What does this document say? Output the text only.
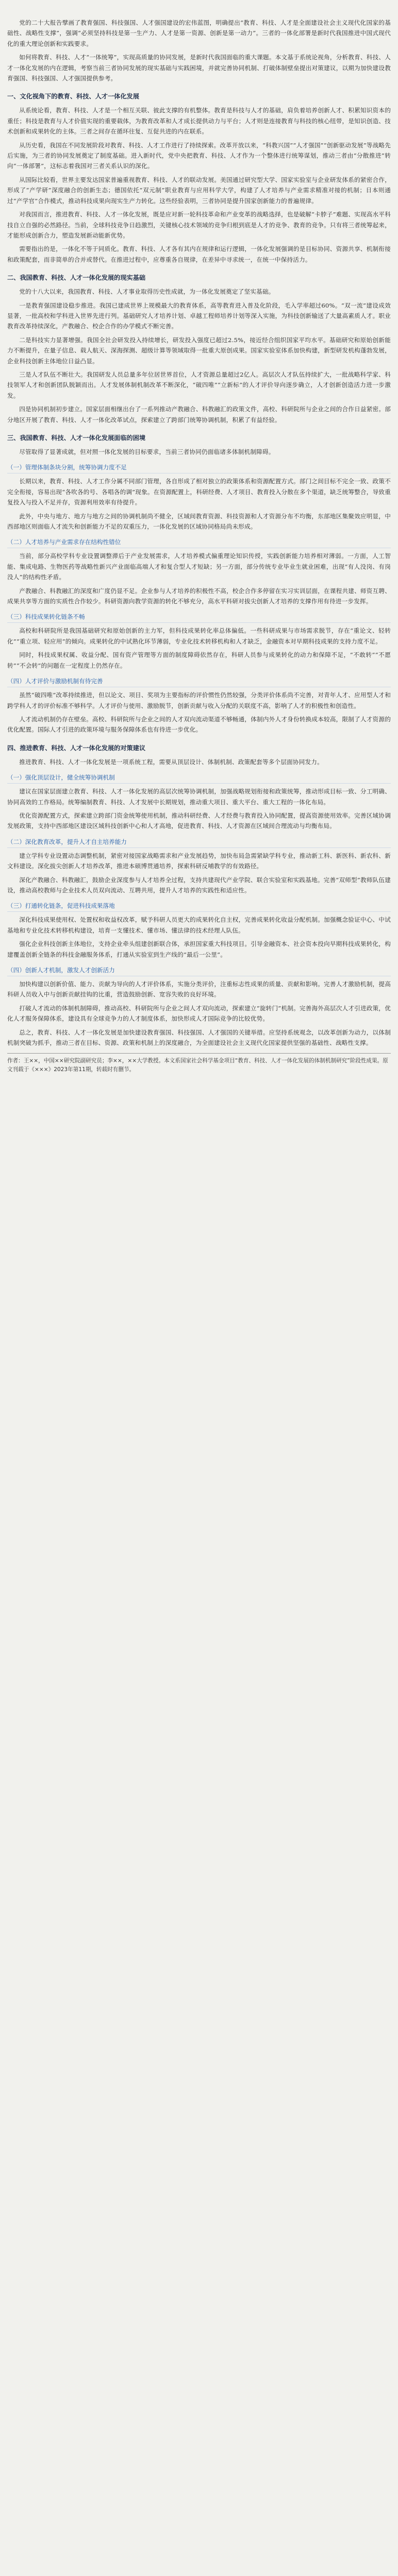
党的二十大报告擘画了教育强国、科技强国、人才强国建设的宏伟蓝图，明确提出“教育、科技、人才是全面建设社会主义现代化国家的基础性、战略性支撑”，强调“必须坚持科技是第一生产力、人才是第一资源、创新是第一动力”。三者的一体化部署是新时代我国推进中国式现代化的重大理论创新和实践要求。

如何将教育、科技、人才“一体统筹”，实现高质量的协同发展，是新时代我国面临的重大课题。本文基于系统论视角，分析教育、科技、人才一体化发展的内在逻辑，考察当前三者协同发展的现实基础与实践困境，并就完善协同机制、打破体制壁垒提出对策建议，以期为加快建设教育强国、科技强国、人才强国提供参考。

一、文化视角下的教育、科技、人才一体化发展

从系统论看，教育、科技、人才是一个相互关联、彼此支撑的有机整体。教育是科技与人才的基础，肩负着培养创新人才、积累知识资本的重任；科技是教育与人才价值实现的重要载体，为教育改革和人才成长提供动力与平台；人才则是连接教育与科技的核心纽带，是知识创造、技术创新和成果转化的主体。三者之间存在循环往复、互促共进的内在联系。

从历史看，我国在不同发展阶段对教育、科技、人才工作进行了持续探索。改革开放以来，“科教兴国”“人才强国”“创新驱动发展”等战略先后实施，为三者的协同发展奠定了制度基础。进入新时代，党中央把教育、科技、人才作为一个整体进行统筹谋划，推动三者由“分散推进”转向“一体部署”，这标志着我国对三者关系认识的深化。

从国际比较看，世界主要发达国家普遍重视教育、科技、人才的联动发展。美国通过研究型大学、国家实验室与企业研发体系的紧密合作，形成了“产学研”深度融合的创新生态；德国依托“双元制”职业教育与应用科学大学，构建了人才培养与产业需求精准对接的机制；日本则通过“产学官”合作模式，推动科技成果向现实生产力转化。这些经验表明，三者协同是提升国家创新能力的普遍规律。

对我国而言，推进教育、科技、人才一体化发展，既是应对新一轮科技革命和产业变革的战略选择，也是破解“卡脖子”难题、实现高水平科技自立自强的必然路径。当前，全球科技竞争日趋激烈，关键核心技术领域的竞争归根到底是人才的竞争、教育的竞争。只有将三者统筹起来，才能形成创新合力，塑造发展新动能新优势。

需要指出的是，一体化不等于同质化。教育、科技、人才各有其内在规律和运行逻辑，一体化发展强调的是目标协同、资源共享、机制衔接和政策配套，而非简单的合并或替代。在推进过程中，应尊重各自规律，在差异中寻求统一，在统一中保持活力。

二、我国教育、科技、人才一体化发展的现实基础

党的十八大以来，我国教育、科技、人才事业取得历史性成就，为一体化发展奠定了坚实基础。

一是教育强国建设稳步推进。我国已建成世界上规模最大的教育体系，高等教育进入普及化阶段，毛入学率超过60%。“双一流”建设成效显著，一批高校和学科进入世界先进行列。基础研究人才培养计划、卓越工程师培养计划等深入实施，为科技创新输送了大量高素质人才。职业教育改革持续深化，产教融合、校企合作的办学模式不断完善。

二是科技实力显著增强。我国全社会研发投入持续增长，研发投入强度已超过2.5%，接近经合组织国家平均水平。基础研究和原始创新能力不断提升，在量子信息、载人航天、深海探测、超级计算等领域取得一批重大原创成果。国家实验室体系加快构建，新型研发机构蓬勃发展，企业科技创新主体地位日益凸显。

三是人才队伍不断壮大。我国研发人员总量多年位居世界首位，人才资源总量超过2亿人。高层次人才队伍持续扩大，一批战略科学家、科技领军人才和创新团队脱颖而出。人才发展体制机制改革不断深化，“破四唯”“立新标”的人才评价导向逐步确立，人才创新创造活力进一步激发。

四是协同机制初步建立。国家层面相继出台了一系列推动产教融合、科教融汇的政策文件，高校、科研院所与企业之间的合作日益紧密。部分地区开展了教育、科技、人才一体化改革试点，探索建立了跨部门统筹协调机制，积累了有益经验。

三、我国教育、科技、人才一体化发展面临的困境

尽管取得了显著成就，但对照一体化发展的目标要求，当前三者协同仍面临诸多体制机制障碍。

（一）管理体制条块分割，统筹协调力度不足

长期以来，教育、科技、人才工作分属不同部门管理，各自形成了相对独立的政策体系和资源配置方式。部门之间目标不完全一致、政策不完全衔接，容易出现“各吹各的号、各唱各的调”现象。在资源配置上，科研经费、人才项目、教育投入分散在多个渠道，缺乏统筹整合，导致重复投入与投入不足并存，资源利用效率有待提升。

此外，中央与地方、地方与地方之间的协调机制尚不健全，区域间教育资源、科技资源和人才资源分布不均衡，东部地区集聚效应明显，中西部地区则面临人才流失和创新能力不足的双重压力，一体化发展的区域协同格局尚未形成。

（二）人才培养与产业需求存在结构性错位

当前，部分高校学科专业设置调整滞后于产业发展需求，人才培养模式偏重理论知识传授，实践创新能力培养相对薄弱。一方面，人工智能、集成电路、生物医药等战略性新兴产业面临高端人才和复合型人才短缺；另一方面，部分传统专业毕业生就业困难，出现“有人没岗、有岗没人”的结构性矛盾。

产教融合、科教融汇的深度和广度仍显不足。企业参与人才培养的积极性不高，校企合作多停留在实习实训层面，在课程共建、师资互聘、成果共享等方面的实质性合作较少。科研资源向教学资源的转化不够充分，高水平科研对拔尖创新人才培养的支撑作用有待进一步发挥。

（三）科技成果转化链条不畅

高校和科研院所是我国基础研究和原始创新的主力军，但科技成果转化率总体偏低。一些科研成果与市场需求脱节，存在“重论文、轻转化”“重立项、轻应用”的倾向。成果转化的中试熟化环节薄弱，专业化技术转移机构和人才缺乏，金融资本对早期科技成果的支持力度不足。

同时，科技成果权属、收益分配、国有资产管理等方面的制度障碍依然存在，科研人员参与成果转化的动力和保障不足，“不敢转”“不愿转”“不会转”的问题在一定程度上仍然存在。

（四）人才评价与激励机制有待完善

虽然“破四唯”改革持续推进，但以论文、项目、奖项为主要指标的评价惯性仍然较强，分类评价体系尚不完善，对青年人才、应用型人才和跨学科人才的评价标准不够科学。人才评价与使用、激励脱节，创新贡献与收入分配的关联度不高，影响了人才的积极性和创造性。

人才流动机制仍存在壁垒。高校、科研院所与企业之间的人才双向流动渠道不够畅通，体制内外人才身份转换成本较高，限制了人才资源的优化配置。国际人才引进的政策环境与服务保障体系也有待进一步优化。

四、推进教育、科技、人才一体化发展的对策建议

推进教育、科技、人才一体化发展是一项系统工程，需要从顶层设计、体制机制、政策配套等多个层面协同发力。

（一）强化顶层设计，健全统筹协调机制

建议在国家层面建立教育、科技、人才一体化发展的高层次统筹协调机制，加强战略规划衔接和政策统筹，推动形成目标一致、分工明确、协同高效的工作格局。统筹编制教育、科技、人才发展中长期规划，推动重大项目、重大平台、重大工程的一体化布局。

优化资源配置方式，探索建立跨部门资金统筹使用机制，推动科研经费、人才经费与教育投入协同配置，提高资源使用效率。完善区域协调发展政策，支持中西部地区建设区域科技创新中心和人才高地，促进教育、科技、人才资源在区域间合理流动与均衡布局。

（二）深化教育改革，提升人才自主培养能力

建立学科专业设置动态调整机制，紧密对接国家战略需求和产业发展趋势，加快布局急需紧缺学科专业，推动新工科、新医科、新农科、新文科建设。深化拔尖创新人才培养改革，推进本硕博贯通培养，探索科研反哺教学的有效路径。

深化产教融合、科教融汇，鼓励企业深度参与人才培养全过程，支持共建现代产业学院、联合实验室和实践基地。完善“双师型”教师队伍建设，推动高校教师与企业技术人员双向流动、互聘共用，提升人才培养的实践性和适应性。

（三）打通转化链条，促进科技成果落地

深化科技成果使用权、处置权和收益权改革，赋予科研人员更大的成果转化自主权，完善成果转化收益分配机制。加强概念验证中心、中试基地和专业化技术转移机构建设，培育一支懂技术、懂市场、懂法律的技术经理人队伍。

强化企业科技创新主体地位，支持企业牵头组建创新联合体，承担国家重大科技项目。引导金融资本、社会资本投向早期科技成果转化，构建覆盖创新全链条的科技金融服务体系，打通从实验室到生产线的“最后一公里”。

（四）创新人才机制，激发人才创新活力

加快构建以创新价值、能力、贡献为导向的人才评价体系，实施分类评价，注重标志性成果的质量、贡献和影响。完善人才激励机制，提高科研人员收入中与创新贡献挂钩的比重，营造鼓励创新、宽容失败的良好环境。

打破人才流动的体制机制障碍，推动高校、科研院所与企业之间人才双向流动，探索建立“旋转门”机制。完善海外高层次人才引进政策，优化人才服务保障体系，建设具有全球竞争力的人才制度体系，加快形成人才国际竞争的比较优势。

总之，教育、科技、人才一体化发展是加快建设教育强国、科技强国、人才强国的关键举措。应坚持系统观念，以改革创新为动力，以体制机制突破为抓手，推动三者在目标、资源、政策和机制上的深度融合，为全面建设社会主义现代化国家提供坚强的基础性、战略性支撑。

作者：王××，中国××研究院副研究员；李××，××大学教授。本文系国家社会科学基金项目“教育、科技、人才一体化发展的体制机制研究”阶段性成果。原文刊载于《×××》2023年第11期，转载时有删节。
